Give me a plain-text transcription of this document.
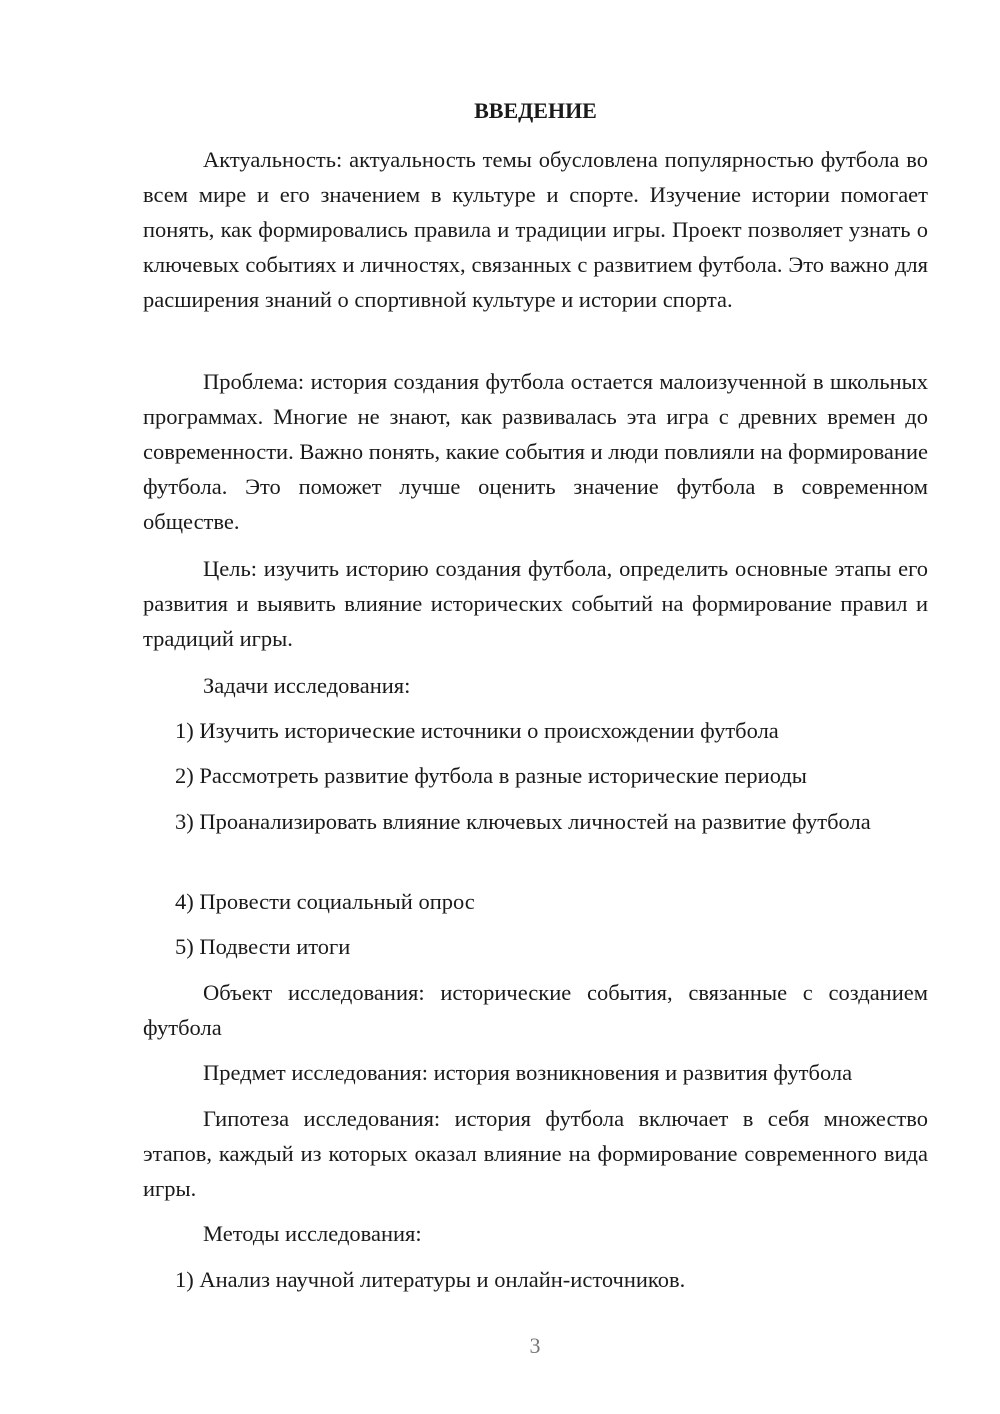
ВВЕДЕНИЕ

Актуальность: актуальность темы обусловлена популярностью футбола во всем мире и его значением в культуре и спорте. Изучение истории помогает понять, как формировались правила и традиции игры. Проект позволяет узнать о ключевых событиях и личностях, связанных с развитием футбола. Это важно для расширения знаний о спортивной культуре и истории спорта.

Проблема: история создания футбола остается малоизученной в школьных программах. Многие не знают, как развивалась эта игра с древних времен до современности. Важно понять, какие события и люди повлияли на формирование футбола. Это поможет лучше оценить значение футбола в современном обществе.

Цель: изучить историю создания футбола, определить основные этапы его развития и выявить влияние исторических событий на формирование правил и традиций игры.

Задачи исследования:

1) Изучить исторические источники о происхождении футбола

2) Рассмотреть развитие футбола в разные исторические периоды

3) Проанализировать влияние ключевых личностей на развитие футбола

4) Провести социальный опрос

5) Подвести итоги

Объект исследования: исторические события, связанные с созданием футбола

Предмет исследования: история возникновения и развития футбола

Гипотеза исследования: история футбола включает в себя множество этапов, каждый из которых оказал влияние на формирование современного вида игры.

Методы исследования:

1) Анализ научной литературы и онлайн-источников.

3
